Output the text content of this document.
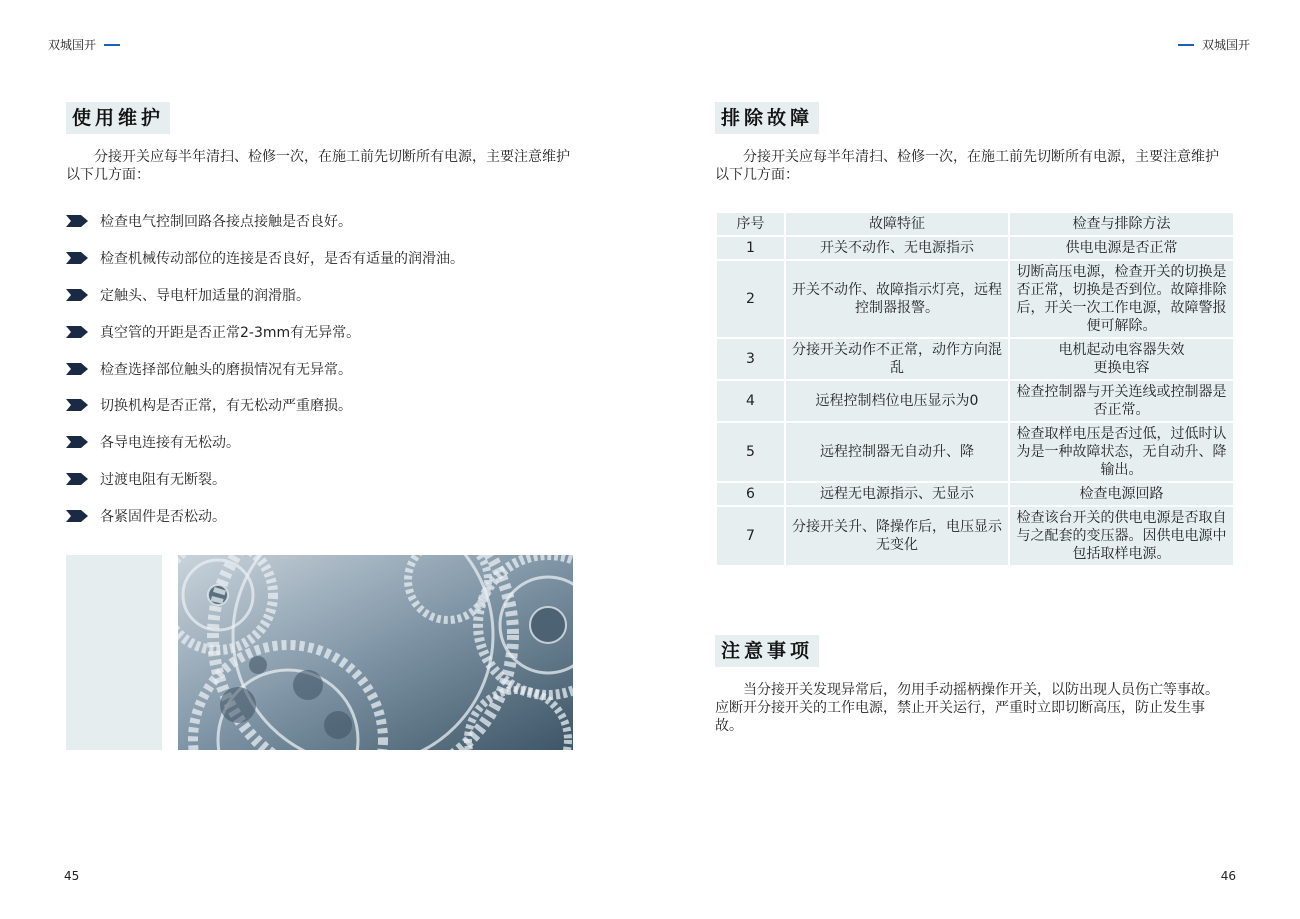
双城国开
使用维护

分接开关应每半年清扫、检修一次，在施工前先切断所有电源，主要注意维护以下几方面：

检查电气控制回路各接点接触是否良好。
检查机械传动部位的连接是否良好，是否有适量的润滑油。
定触头、导电杆加适量的润滑脂。
真空管的开距是否正常2-3mm有无异常。
检查选择部位触头的磨损情况有无异常。
切换机构是否正常，有无松动严重磨损。
各导电连接有无松动。
过渡电阻有无断裂。
各紧固件是否松动。
45
双城国开
46
排除故障

分接开关应每半年清扫、检修一次，在施工前先切断所有电源，主要注意维护以下几方面：

序号	故障特征	检查与排除方法
1	开关不动作、无电源指示	供电电源是否正常
2	开关不动作、故障指示灯亮，远程控制器报警。	切断高压电源，检查开关的切换是否正常，切换是否到位。故障排除后，开关一次工作电源，故障警报便可解除。
3	分接开关动作不正常，动作方向混乱	电机起动电容器失效
更换电容
4	远程控制档位电压显示为0	检查控制器与开关连线或控制器是否正常。
5	远程控制器无自动升、降	检查取样电压是否过低，过低时认为是一种故障状态，无自动升、降输出。
6	远程无电源指示、无显示	检查电源回路
7	分接开关升、降操作后，电压显示无变化	检查该台开关的供电电源是否取自与之配套的变压器。因供电电源中包括取样电源。
注意事项

当分接开关发现异常后，勿用手动摇柄操作开关，以防出现人员伤亡等事故。应断开分接开关的工作电源，禁止开关运行，严重时立即切断高压，防止发生事故。
